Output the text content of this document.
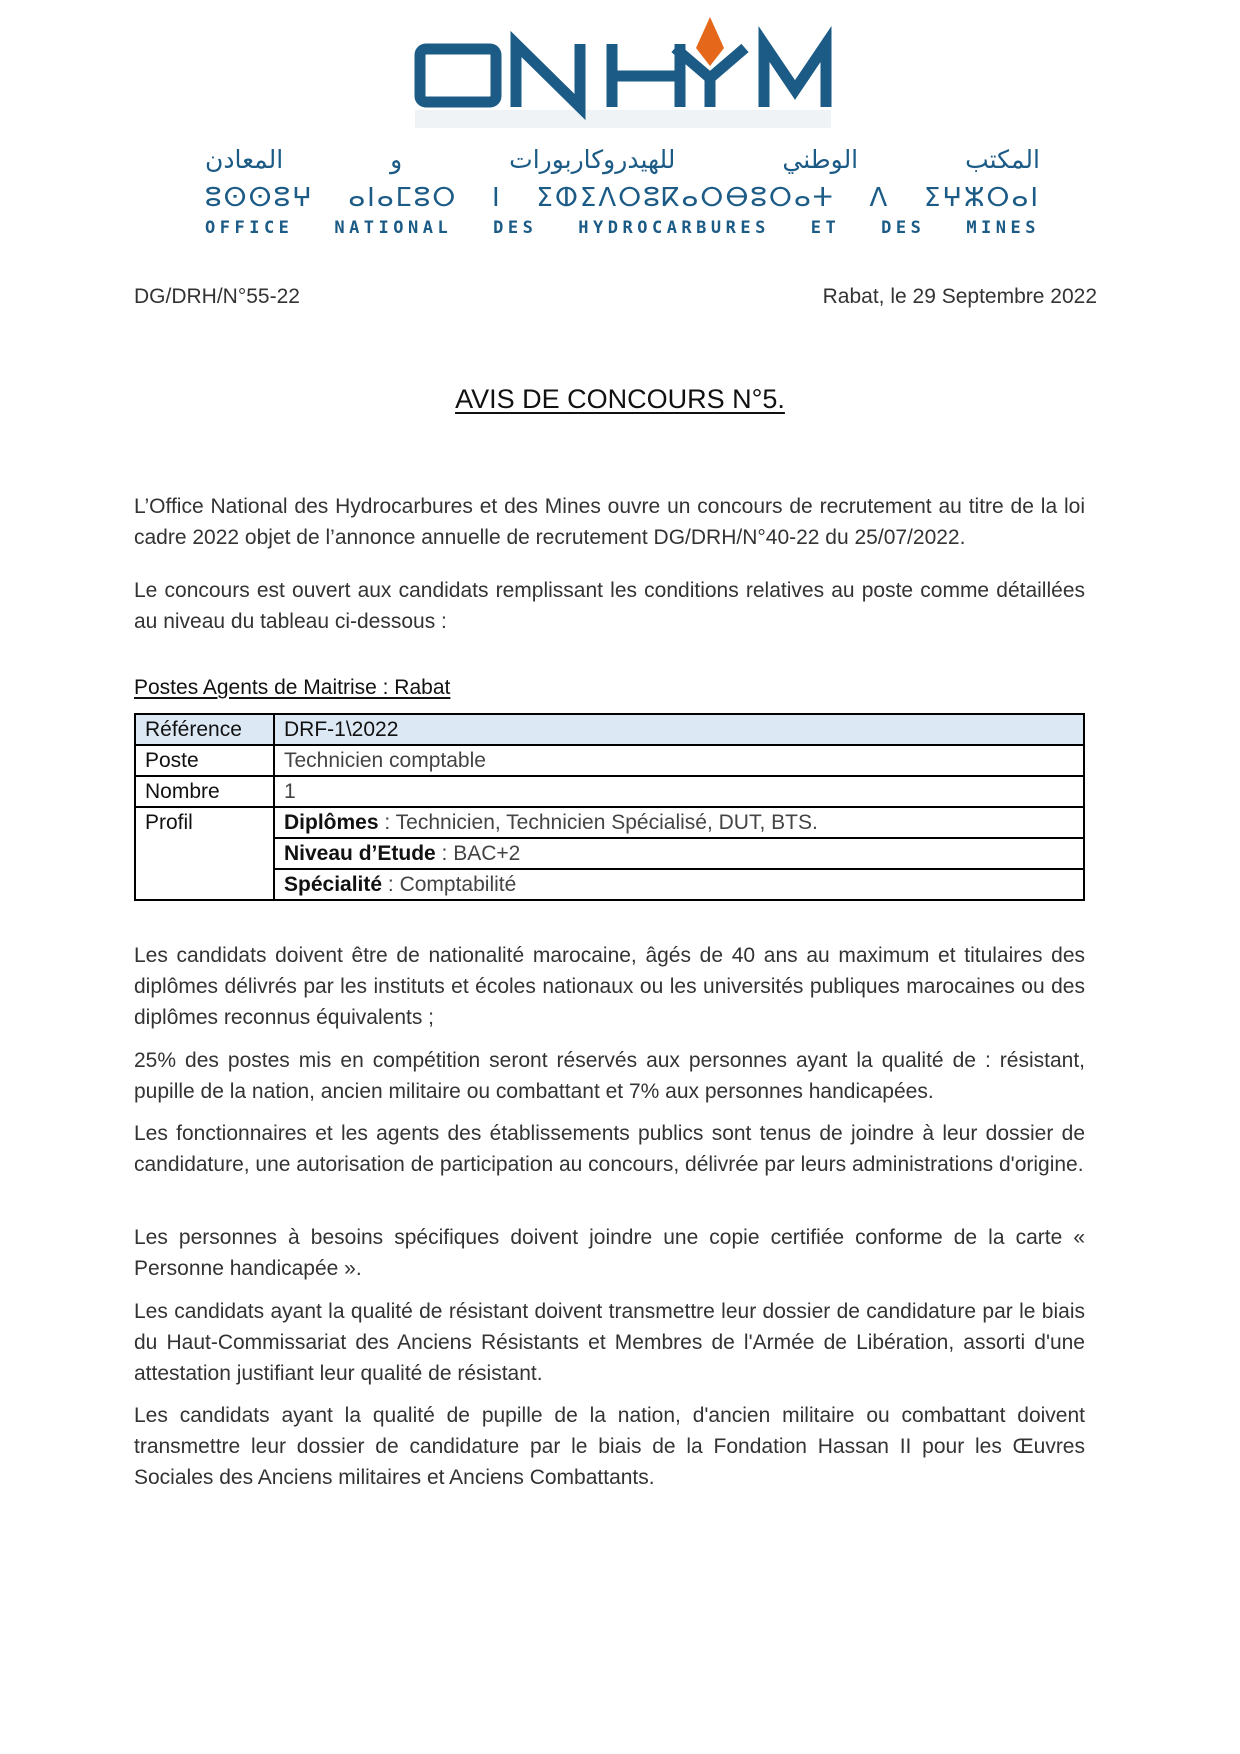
المكتب الوطني للهيدروكاربورات و المعادن
ⵓⵙⵙⵓⵖ ⴰⵏⴰⵎⵓⵔ ⵏ ⵉⵀⵉⴷⵔⵓⴽⴰⵔⴱⵓⵔⴰⵜ ⴷ ⵉⵖⵣⵔⴰⵏ
OFFICE NATIONAL DES HYDROCARBURES ET DES MINES
DG/DRH/N°55-22	Rabat, le 29 Septembre 2022
AVIS DE CONCOURS N°5.

L’Office National des Hydrocarbures et des Mines ouvre un concours de recrutement au titre de la loi cadre 2022 objet de l’annonce annuelle de recrutement DG/DRH/N°40-22 du 25/07/2022.

Le concours est ouvert aux candidats remplissant les conditions relatives au poste comme détaillées au niveau du tableau ci-dessous :

Postes Agents de Maitrise : Rabat
Référence	DRF-1\2022
Poste	Technicien comptable
Nombre	1
Profil	Diplômes : Technicien, Technicien Spécialisé, DUT, BTS.
	Niveau d’Etude : BAC+2
	Spécialité : Comptabilité

Les candidats doivent être de nationalité marocaine, âgés de 40 ans au maximum et titulaires des diplômes délivrés par les instituts et écoles nationaux ou les universités publiques marocaines ou des diplômes reconnus équivalents ;

25% des postes mis en compétition seront réservés aux personnes ayant la qualité de : résistant, pupille de la nation, ancien militaire ou combattant et 7% aux personnes handicapées.

Les fonctionnaires et les agents des établissements publics sont tenus de joindre à leur dossier de candidature, une autorisation de participation au concours, délivrée par leurs administrations d'origine.

Les personnes à besoins spécifiques doivent joindre une copie certifiée conforme de la carte « Personne handicapée ».

Les candidats ayant la qualité de résistant doivent transmettre leur dossier de candidature par le biais du Haut-Commissariat des Anciens Résistants et Membres de l'Armée de Libération, assorti d'une attestation justifiant leur qualité de résistant.

Les candidats ayant la qualité de pupille de la nation, d'ancien militaire ou combattant doivent transmettre leur dossier de candidature par le biais de la Fondation Hassan II pour les Œuvres Sociales des Anciens militaires et Anciens Combattants.
